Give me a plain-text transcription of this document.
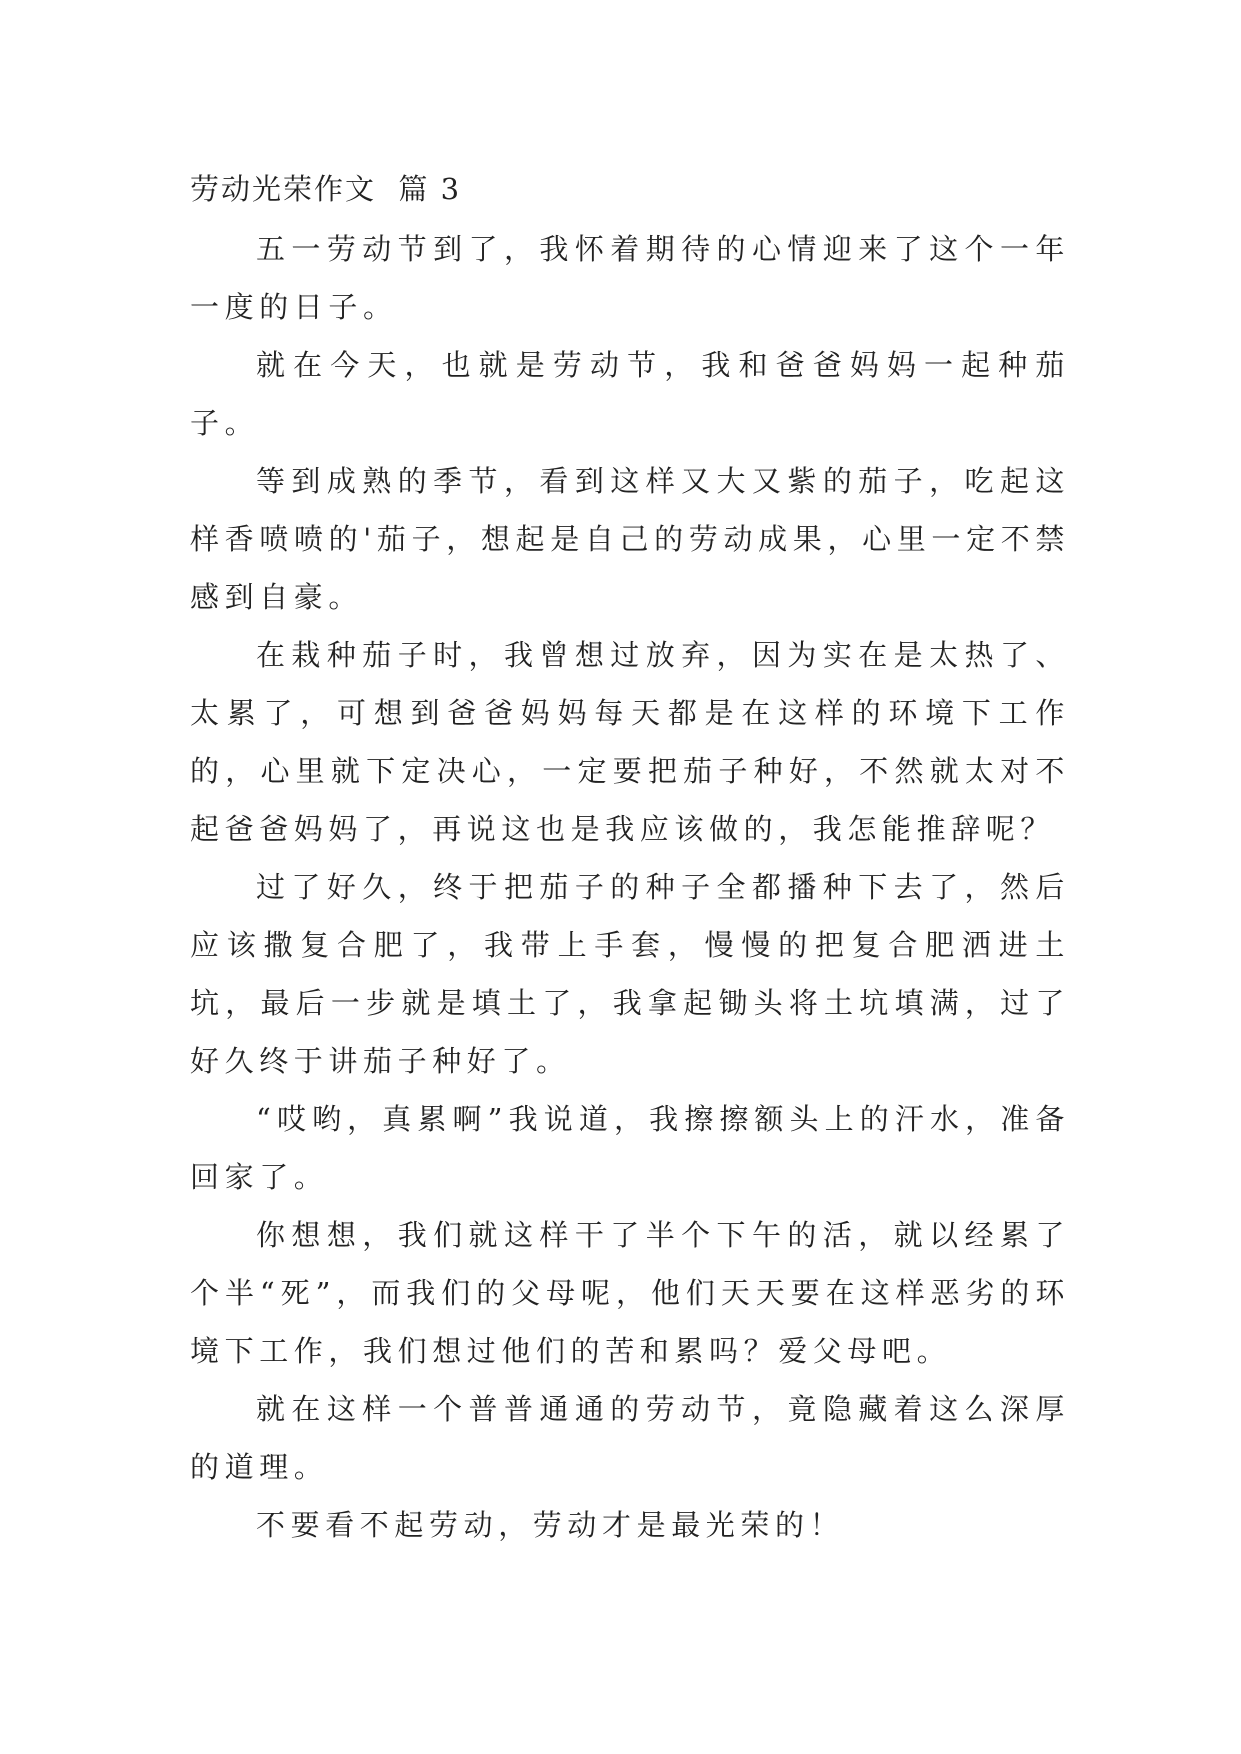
劳动光荣作文  篇 3

五一劳动节到了，我怀着期待的心情迎来了这个一年一度的日子。

就在今天，也就是劳动节，我和爸爸妈妈一起种茄子。

等到成熟的季节，看到这样又大又紫的茄子，吃起这样香喷喷的'茄子，想起是自己的劳动成果，心里一定不禁感到自豪。

在栽种茄子时，我曾想过放弃，因为实在是太热了、太累了，可想到爸爸妈妈每天都是在这样的环境下工作的，心里就下定决心，一定要把茄子种好，不然就太对不起爸爸妈妈了，再说这也是我应该做的，我怎能推辞呢？

过了好久，终于把茄子的种子全都播种下去了，然后应该撒复合肥了，我带上手套，慢慢的把复合肥洒进土坑，最后一步就是填土了，我拿起锄头将土坑填满，过了好久终于讲茄子种好了。

“哎哟，真累啊”我说道，我擦擦额头上的汗水，准备回家了。

你想想，我们就这样干了半个下午的活，就以经累了个半“死”，而我们的父母呢，他们天天要在这样恶劣的环境下工作，我们想过他们的苦和累吗？爱父母吧。

就在这样一个普普通通的劳动节，竟隐藏着这么深厚的道理。

不要看不起劳动，劳动才是最光荣的！
